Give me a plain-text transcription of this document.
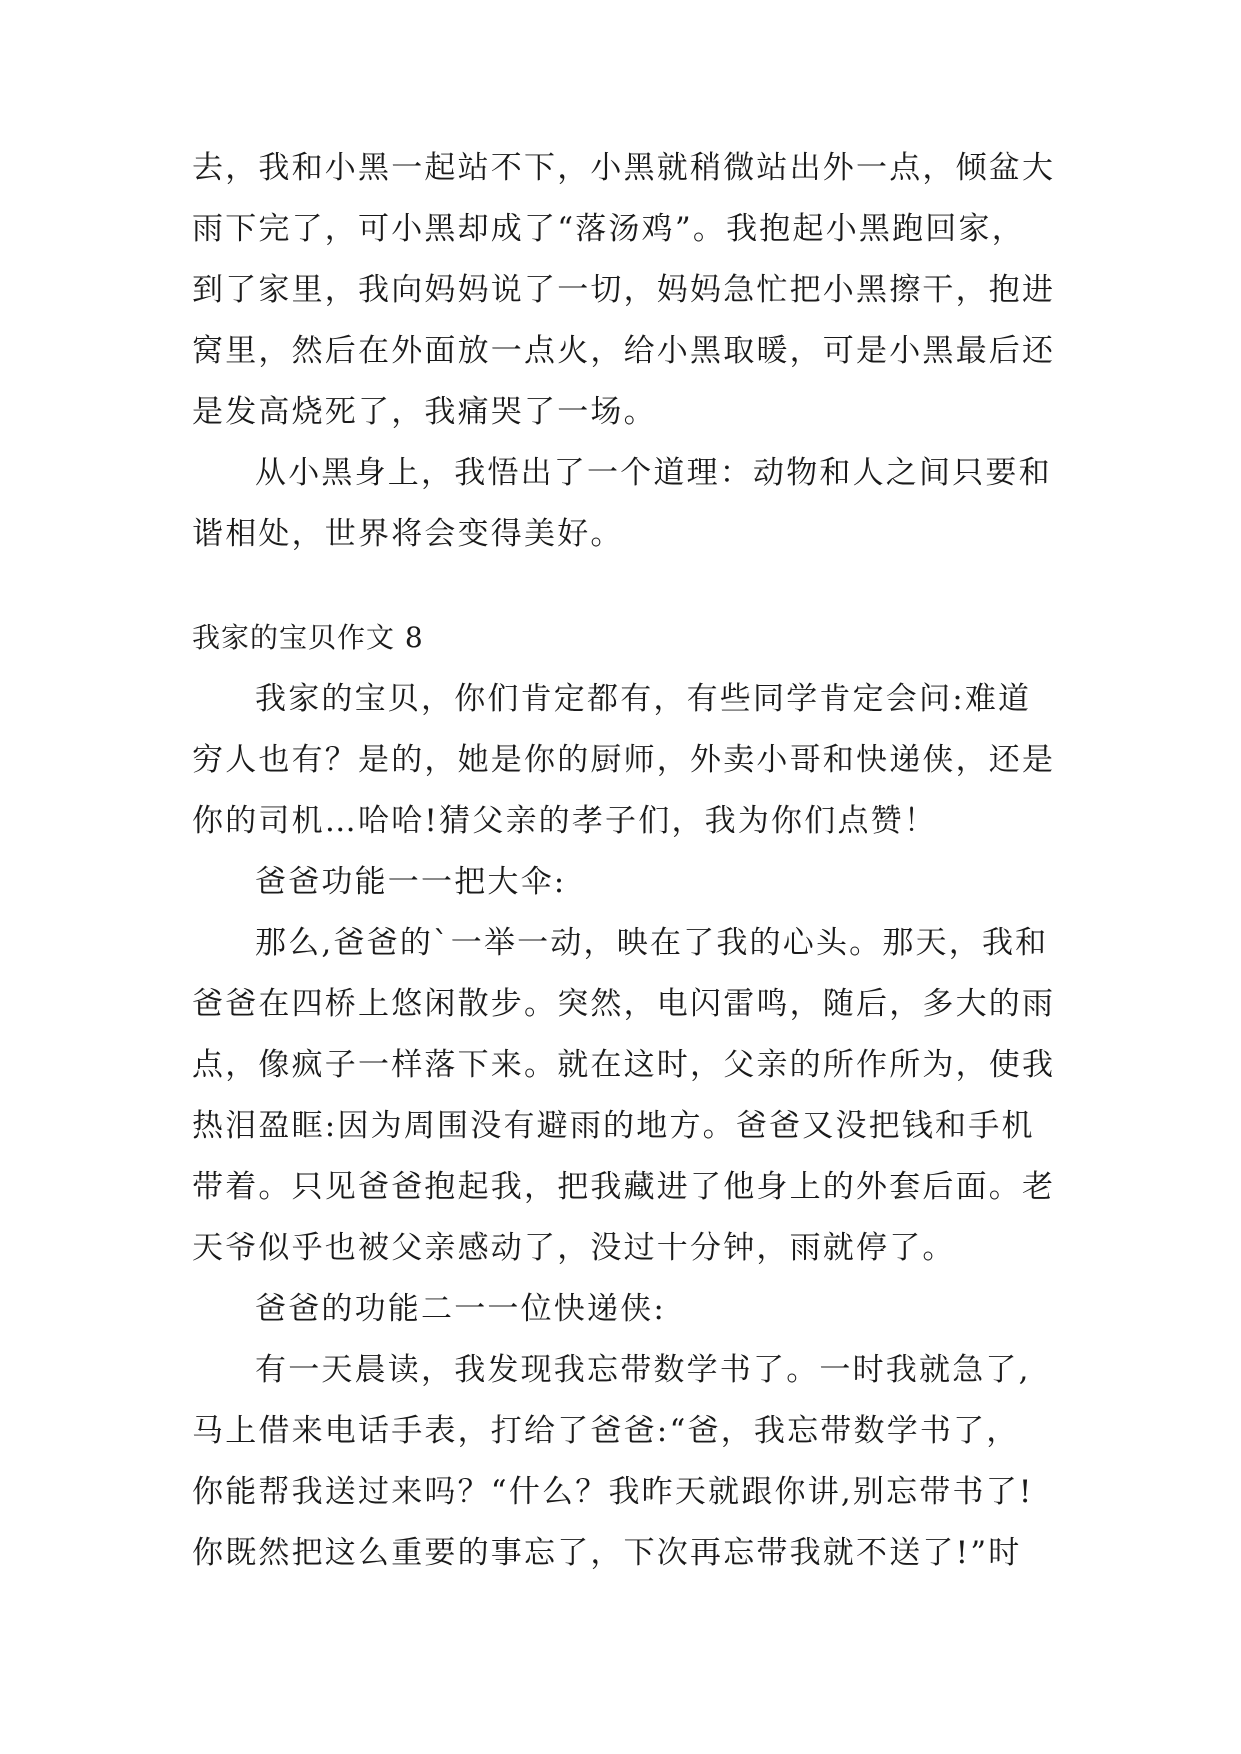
去，我和小黑一起站不下，小黑就稍微站出外一点，倾盆大
雨下完了，可小黑却成了“落汤鸡”。我抱起小黑跑回家，
到了家里，我向妈妈说了一切，妈妈急忙把小黑擦干，抱进
窝里，然后在外面放一点火，给小黑取暖，可是小黑最后还
是发高烧死了，我痛哭了一场。
从小黑身上，我悟出了一个道理：动物和人之间只要和
谐相处，世界将会变得美好。
我家的宝贝作文 8
我家的宝贝，你们肯定都有，有些同学肯定会问:难道
穷人也有？是的，她是你的厨师，外卖小哥和快递侠，还是
你的司机…哈哈!猜父亲的孝子们，我为你们点赞！
爸爸功能一一把大伞:
那么,爸爸的`一举一动，映在了我的心头。那天，我和
爸爸在四桥上悠闲散步。突然，电闪雷鸣，随后，多大的雨
点，像疯子一样落下来。就在这时，父亲的所作所为，使我
热泪盈眶:因为周围没有避雨的地方。爸爸又没把钱和手机
带着。只见爸爸抱起我，把我藏进了他身上的外套后面。老
天爷似乎也被父亲感动了，没过十分钟，雨就停了。
爸爸的功能二一一位快递侠:
有一天晨读，我发现我忘带数学书了。一时我就急了,
马上借来电话手表，打给了爸爸:“爸，我忘带数学书了，
你能帮我送过来吗？“什么？我昨天就跟你讲,别忘带书了!
你既然把这么重要的事忘了，下次再忘带我就不送了!”时
